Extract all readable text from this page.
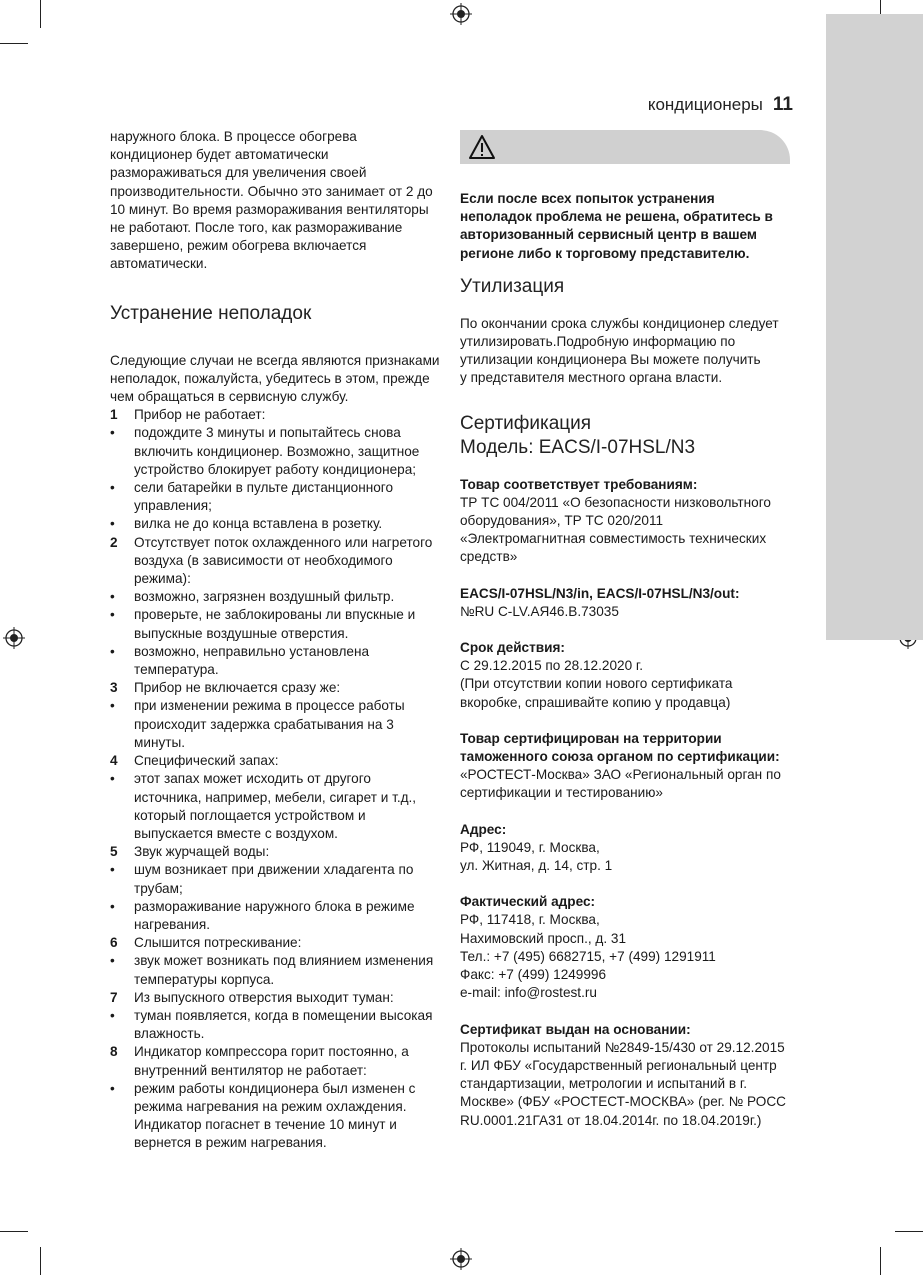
кондиционеры 11

наружного блока. В процессе обогрева кондиционер будет автоматически размораживаться для увеличения своей производительности. Обычно это занимает от 2 до 10 минут. Во время размораживания вентиляторы не работают. После того, как размораживание завершено, режим обогрева включается автоматически.

Устранение неполадок

Следующие случаи не всегда являются признаками неполадок, пожалуйста, убедитесь в этом, прежде чем обращаться в сервисную службу.

1 Прибор не работает:
• подождите 3 минуты и попытайтесь снова включить кондиционер. Возможно, защитное устройство блокирует работу кондиционера;
• сели батарейки в пульте дистанционного управления;
• вилка не до конца вставлена в розетку.
2 Отсутствует поток охлажденного или нагретого воздуха (в зависимости от необходимого режима):
• возможно, загрязнен воздушный фильтр.
• проверьте, не заблокированы ли впускные и выпускные воздушные отверстия.
• возможно, неправильно установлена температура.
3 Прибор не включается сразу же:
• при изменении режима в процессе работы происходит задержка срабатывания на 3 минуты.
4 Специфический запах:
• этот запах может исходить от другого источника, например, мебели, сигарет и т.д., который поглощается устройством и выпускается вместе с воздухом.
5 Звук журчащей воды:
• шум возникает при движении хладагента по трубам;
• размораживание наружного блока в режиме нагревания.
6 Слышится потрескивание:
• звук может возникать под влиянием изменения температуры корпуса.
7 Из выпускного отверстия выходит туман:
• туман появляется, когда в помещении высокая влажность.
8 Индикатор компрессора горит постоянно, а внутренний вентилятор не работает:
• режим работы кондиционера был изменен с режима нагревания на режим охлаждения. Индикатор погаснет в течение 10 минут и вернется в режим нагревания.

Если после всех попыток устранения неполадок проблема не решена, обратитесь в авторизованный сервисный центр в вашем регионе либо к торговому представителю.

Утилизация

По окончании срока службы кондиционер следует утилизировать.Подробную информацию по утилизации кондиционера Вы можете получить

у представителя местного органа власти.

Сертификация
Модель: EACS/I-07HSL/N3

Товар соответствует требованиям:

ТР ТС 004/2011 «О безопасности низковольтного оборудования», ТР ТС 020/2011 «Электромагнитная совместимость технических средств»

EACS/I-07HSL/N3/in, EACS/I-07HSL/N3/out:

№RU C-LV.АЯ46.В.73035

Срок действия:

С 29.12.2015 по 28.12.2020 г.

(При отсутствии копии нового сертификата вкоробке, спрашивайте копию у продавца)

Товар сертифицирован на территории таможенного союза органом по сертификации:

«РОСТЕСТ-Москва» ЗАО «Региональный орган по сертификации и тестированию»

Адрес:

РФ, 119049, г. Москва,

ул. Житная, д. 14, стр. 1

Фактический адрес:

РФ, 117418, г. Москва,

Нахимовский просп., д. 31

Тел.: +7 (495) 6682715, +7 (499) 1291911

Факс: +7 (499) 1249996

e-mail: info@rostest.ru

Сертификат выдан на основании:

Протоколы испытаний №2849-15/430 от 29.12.2015 г. ИЛ ФБУ «Государственный региональный центр стандартизации, метрологии и испытаний в г. Москве» (ФБУ «РОСТЕСТ-МОСКВА» (рег. № РОСС RU.0001.21ГА31 от 18.04.2014г. по 18.04.2019г.)
